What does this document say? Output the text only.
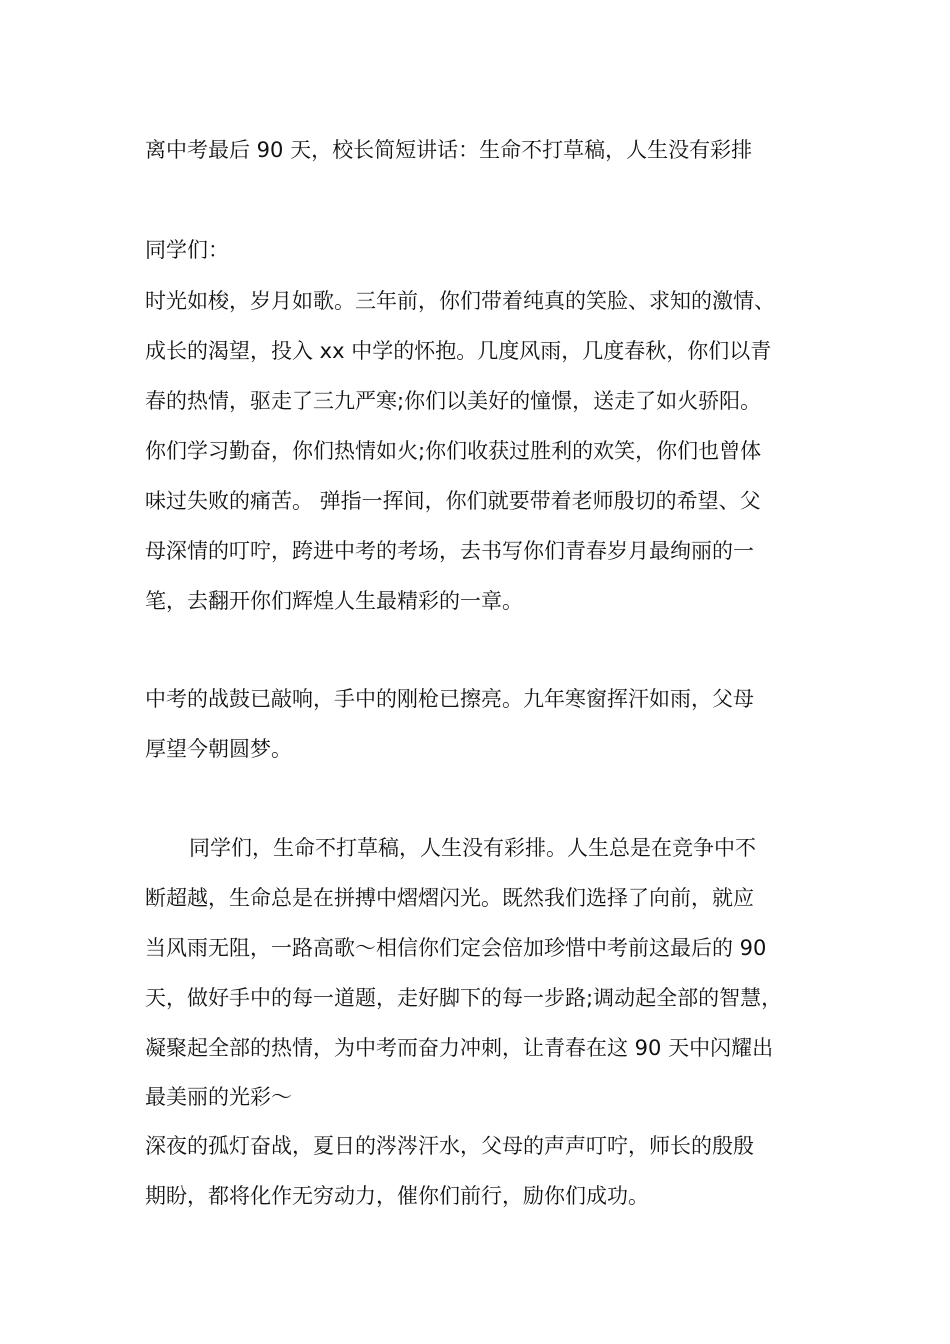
离中考最后 90 天，校长简短讲话：生命不打草稿，人生没有彩排

同学们：

时光如梭，岁月如歌。三年前，你们带着纯真的笑脸、求知的激情、

成长的渴望，投入 xx 中学的怀抱。几度风雨，几度春秋，你们以青

春的热情，驱走了三九严寒;你们以美好的憧憬，送走了如火骄阳。

你们学习勤奋，你们热情如火;你们收获过胜利的欢笑，你们也曾体

味过失败的痛苦。 弹指一挥间，你们就要带着老师殷切的希望、父

母深情的叮咛，跨进中考的考场，去书写你们青春岁月最绚丽的一

笔，去翻开你们辉煌人生最精彩的一章。

中考的战鼓已敲响，手中的刚枪已擦亮。九年寒窗挥汗如雨，父母

厚望今朝圆梦。

同学们，生命不打草稿，人生没有彩排。人生总是在竞争中不

断超越，生命总是在拼搏中熠熠闪光。既然我们选择了向前，就应

当风雨无阻，一路高歌～相信你们定会倍加珍惜中考前这最后的 90

天，做好手中的每一道题，走好脚下的每一步路;调动起全部的智慧，

凝聚起全部的热情，为中考而奋力冲刺，让青春在这 90 天中闪耀出

最美丽的光彩～

深夜的孤灯奋战，夏日的涔涔汗水，父母的声声叮咛，师长的殷殷

期盼，都将化作无穷动力，催你们前行，励你们成功。
